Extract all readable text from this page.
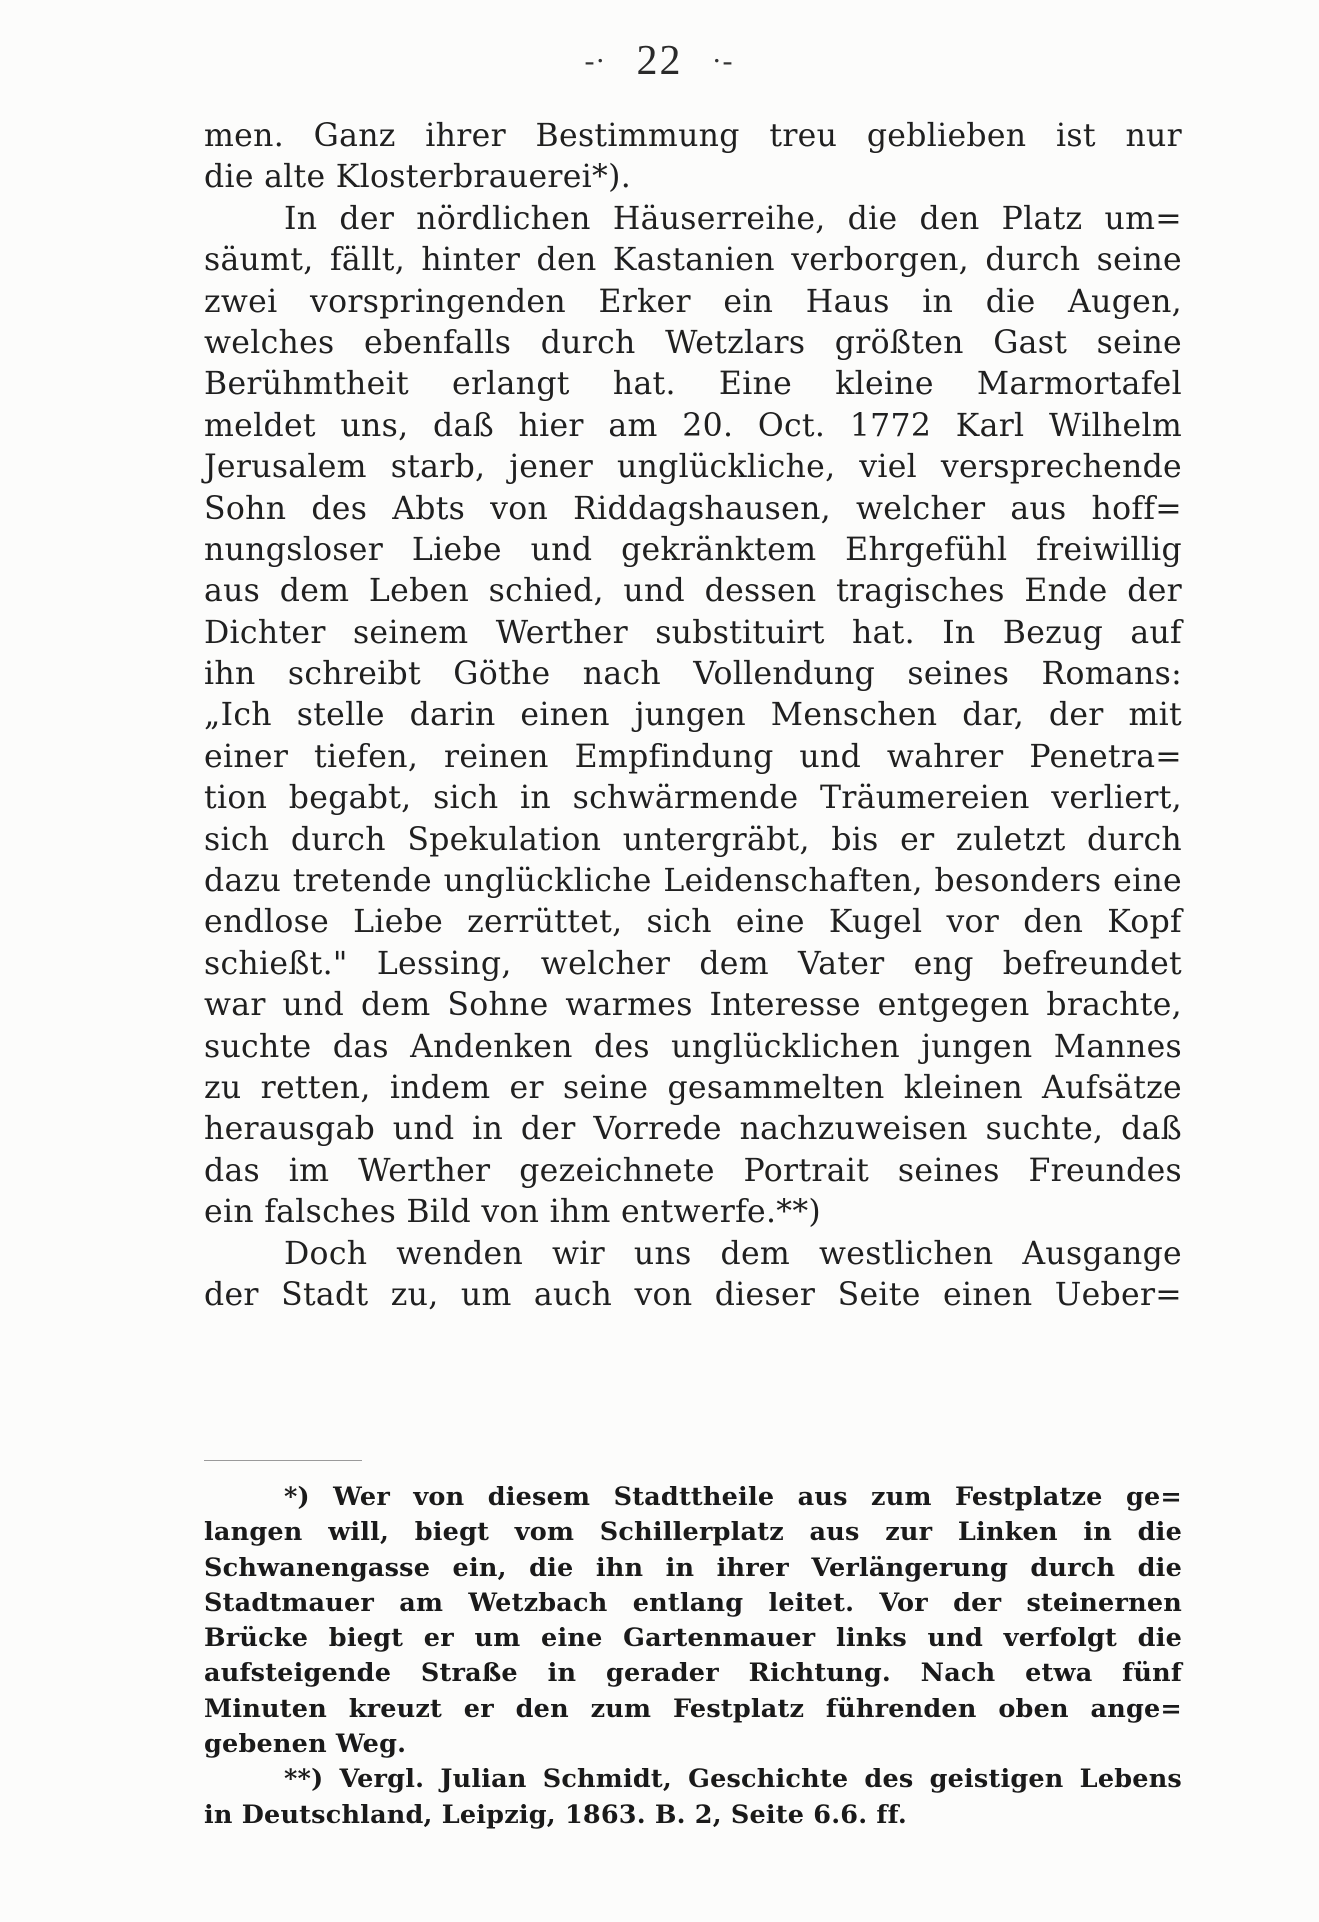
-∙ 22 ∙-
men. Ganz ihrer Bestimmung treu geblieben ist nur
die alte Klosterbrauerei*).
In der nördlichen Häuserreihe, die den Platz um=
säumt, fällt, hinter den Kastanien verborgen, durch seine
zwei vorspringenden Erker ein Haus in die Augen,
welches ebenfalls durch Wetzlars größten Gast seine
Berühmtheit erlangt hat. Eine kleine Marmortafel
meldet uns, daß hier am 20. Oct. 1772 Karl Wilhelm
Jerusalem starb, jener unglückliche, viel versprechende
Sohn des Abts von Riddagshausen, welcher aus hoff=
nungsloser Liebe und gekränktem Ehrgefühl freiwillig
aus dem Leben schied, und dessen tragisches Ende der
Dichter seinem Werther substituirt hat. In Bezug auf
ihn schreibt Göthe nach Vollendung seines Romans:
„Ich stelle darin einen jungen Menschen dar, der mit
einer tiefen, reinen Empfindung und wahrer Penetra=
tion begabt, sich in schwärmende Träumereien verliert,
sich durch Spekulation untergräbt, bis er zuletzt durch
dazu tretende unglückliche Leidenschaften, besonders eine
endlose Liebe zerrüttet, sich eine Kugel vor den Kopf
schießt." Lessing, welcher dem Vater eng befreundet
war und dem Sohne warmes Interesse entgegen brachte,
suchte das Andenken des unglücklichen jungen Mannes
zu retten, indem er seine gesammelten kleinen Aufsätze
herausgab und in der Vorrede nachzuweisen suchte, daß
das im Werther gezeichnete Portrait seines Freundes
ein falsches Bild von ihm entwerfe.**)
Doch wenden wir uns dem westlichen Ausgange
der Stadt zu, um auch von dieser Seite einen Ueber=
*) Wer von diesem Stadttheile aus zum Festplatze ge=
langen will, biegt vom Schillerplatz aus zur Linken in die
Schwanengasse ein, die ihn in ihrer Verlängerung durch die
Stadtmauer am Wetzbach entlang leitet. Vor der steinernen
Brücke biegt er um eine Gartenmauer links und verfolgt die
aufsteigende Straße in gerader Richtung. Nach etwa fünf
Minuten kreuzt er den zum Festplatz führenden oben ange=
gebenen Weg.
**) Vergl. Julian Schmidt, Geschichte des geistigen Lebens
in Deutschland, Leipzig, 1863. B. 2, Seite 6.6. ff.
